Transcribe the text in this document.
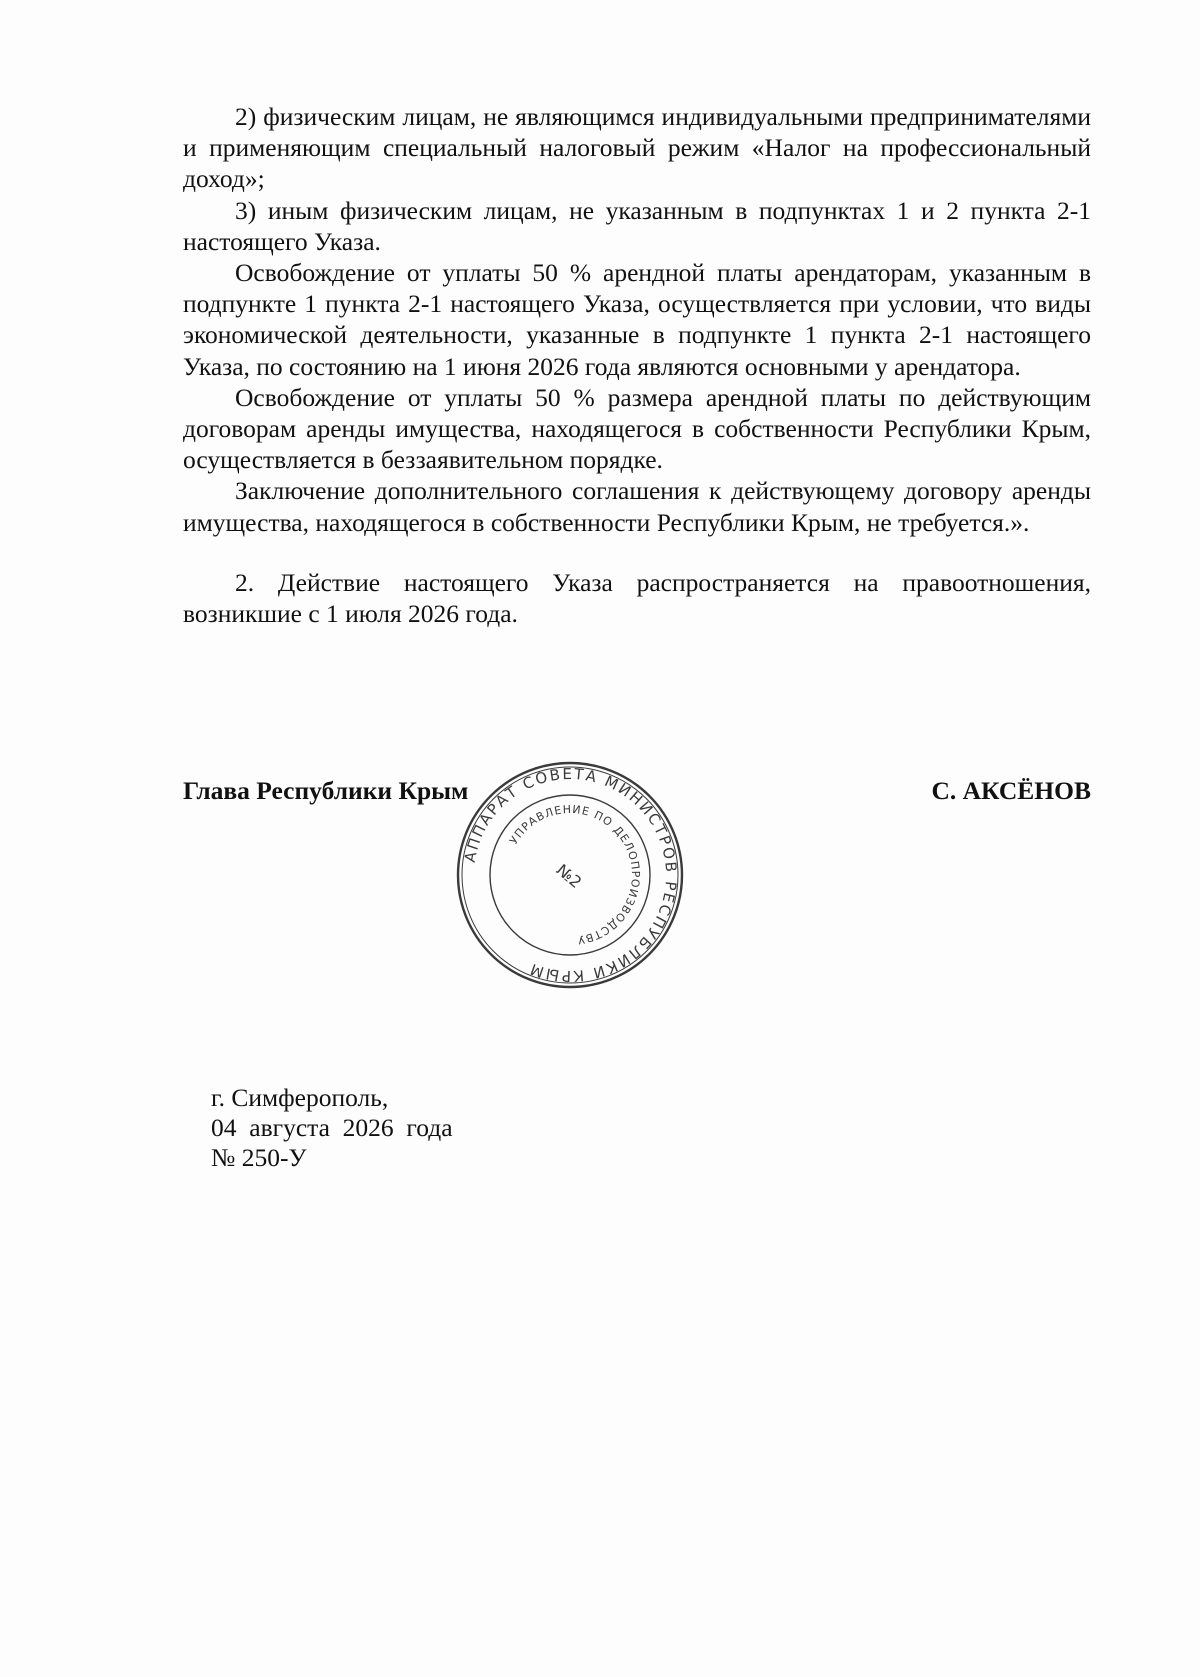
2) физическим лицам, не являющимся индивидуальными предпринимателями и применяющим специальный налоговый режим «Налог на профессиональный доход»;

3) иным физическим лицам, не указанным в подпунктах 1 и 2 пункта 2-1 настоящего Указа.

Освобождение от уплаты 50 % арендной платы арендаторам, указанным в подпункте 1 пункта 2-1 настоящего Указа, осуществляется при условии, что виды экономической деятельности, указанные в подпункте 1 пункта 2-1 настоящего Указа, по состоянию на 1 июня 2026 года являются основными у арендатора.

Освобождение от уплаты 50 % размера арендной платы по действующим договорам аренды имущества, находящегося в собственности Республики Крым, осуществляется в беззаявительном порядке.

Заключение дополнительного соглашения к действующему договору аренды имущества, находящегося в собственности Республики Крым, не требуется.».

2. Действие настоящего Указа распространяется на правоотношения, возникшие с 1 июля 2026 года.

Глава Республики Крым	С. АКСЁНОВ
АППАРАТ СОВЕТА МИНИСТРОВ РЕСПУБЛИКИ КРЫМ
УПРАВЛЕНИЕ ПО ДЕЛОПРОИЗВОДСТВУ
№2
г. Симферополь,
04  августа  2026  года
№ 250-У
